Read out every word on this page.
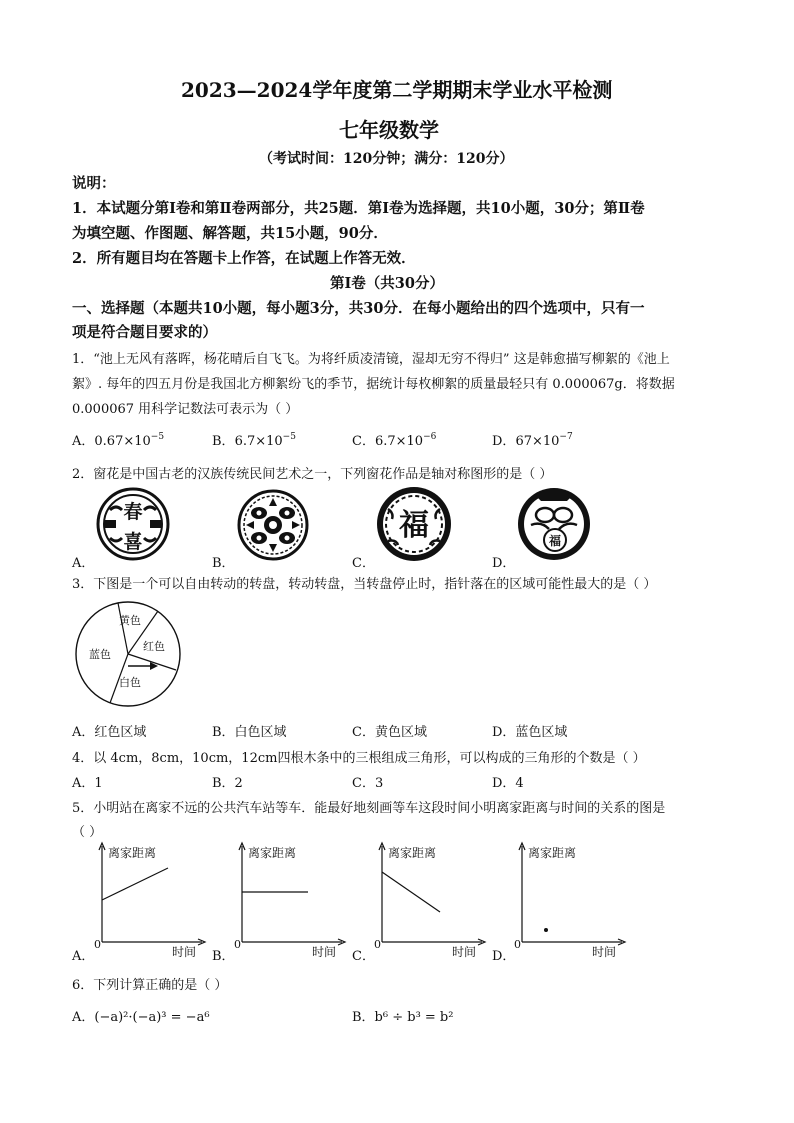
2023—2024学年度第二学期期末学业水平检测
七年级数学
（考试时间：120分钟；满分：120分）
说明：
1．本试题分第Ⅰ卷和第Ⅱ卷两部分，共25题．第Ⅰ卷为选择题，共10小题，30分；第Ⅱ卷
为填空题、作图题、解答题，共15小题，90分．
2．所有题目均在答题卡上作答，在试题上作答无效．
第Ⅰ卷（共30分）
一、选择题（本题共10小题，每小题3分，共30分．在每小题给出的四个选项中，只有一
项是符合题目要求的）
1．“池上无风有落晖，杨花晴后自飞飞。为将纤质凌清镜，湿却无穷不得归” 这是韩愈描写柳絮的《池上
絮》. 每年的四五月份是我国北方柳絮纷飞的季节，据统计每枚柳絮的质量最轻只有 0.000067g．将数据
0.000067 用科学记数法可表示为（ ）
A．$0.67\times 10^{-5}$	B．$6.7\times 10^{-5}$	C．$6.7\times 10^{-6}$	D．$67\times 10^{-7}$
2．窗花是中国古老的汉族传统民间艺术之一，下列窗花作品是轴对称图形的是（ ）
A．
春
喜
B．	C．
福
D．
福
3．下图是一个可以自由转动的转盘，转动转盘，当转盘停止时，指针落在的区域可能性最大的是（ ）
黄色
红色
蓝色
白色
A．红色区域	B．白色区域	C．黄色区域	D．蓝色区域
4．以 4cm，8cm，10cm，12cm四根木条中的三根组成三角形，可以构成的三角形的个数是（ ）
A．1	B．2	C．3	D．4
5．小明站在离家不远的公共汽车站等车．能最好地刻画等车这段时间小明离家距离与时间的关系的图是
（ ）
A．
离家距离
时间
0
B．
离家距离
时间
0
C．
离家距离
时间
0
D．
离家距离
时间
0
6．下列计算正确的是（ ）
A．(−a)²·(−a)³ = −a⁶	B．b⁶ ÷ b³ = b²
